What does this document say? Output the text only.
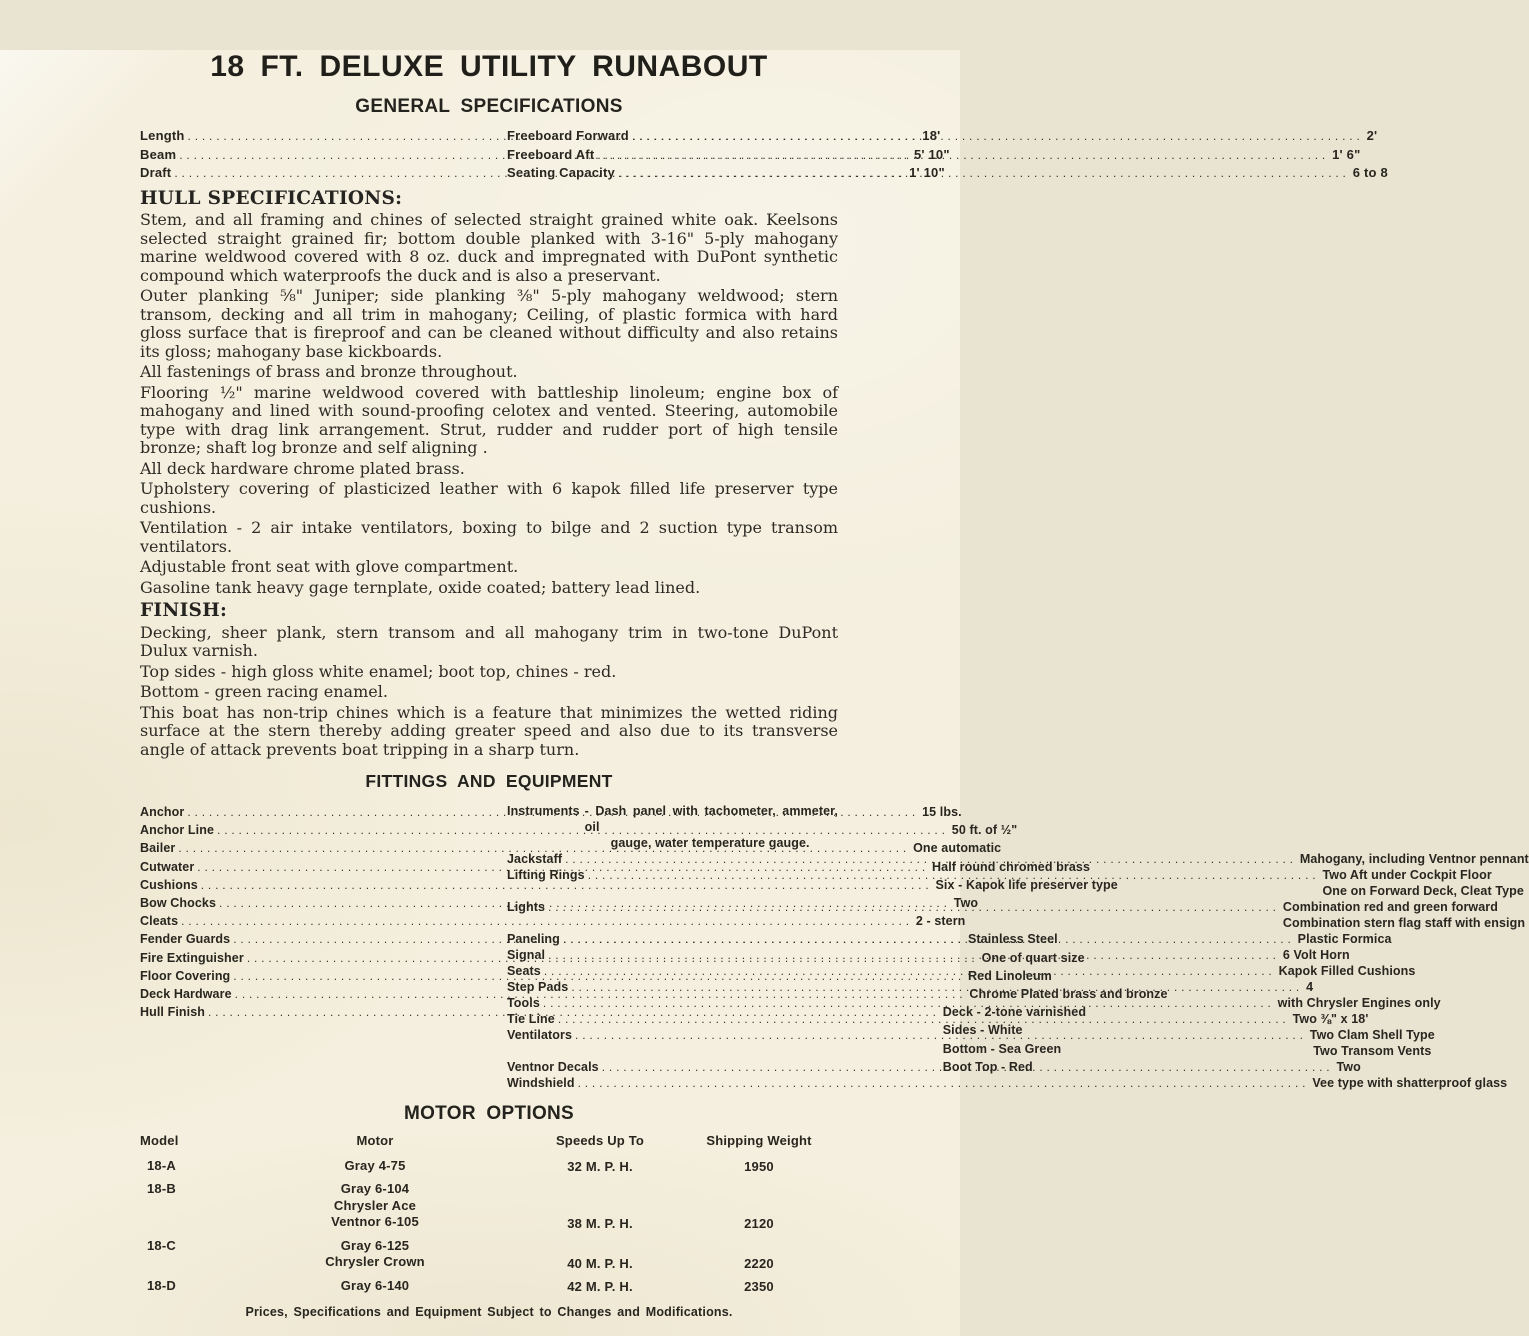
18 FT. DELUXE UTILITY RUNABOUT
GENERAL SPECIFICATIONS
Length .....	18'
Beam .....	5' 10"
Draft .....	1' 10"
Freeboard Forward .....	2'
Freeboard Aft .....	1' 6"
Seating Capacity .....	6 to 8
HULL SPECIFICATIONS:

Stem, and all framing and chines of selected straight grained white oak. Keelsons selected straight grained fir; bottom double planked with 3-16" 5-ply mahogany marine weldwood covered with 8 oz. duck and impregnated with DuPont synthetic compound which waterproofs the duck and is also a preservant.

Outer planking ⅝" Juniper; side planking ⅜" 5-ply mahogany weldwood; stern transom, decking and all trim in mahogany; Ceiling, of plastic formica with hard gloss surface that is fireproof and can be cleaned without difficulty and also retains its gloss; mahogany base kickboards.

All fastenings of brass and bronze throughout.

Flooring ½" marine weldwood covered with battleship linoleum; engine box of mahogany and lined with sound-proofing celotex and vented. Steering, automobile type with drag link arrangement. Strut, rudder and rudder port of high tensile bronze; shaft log bronze and self aligning .

All deck hardware chrome plated brass.

Upholstery covering of plasticized leather with 6 kapok filled life preserver type cushions.

Ventilation - 2 air intake ventilators, boxing to bilge and 2 suction type transom ventilators.

Adjustable front seat with glove compartment.

Gasoline tank heavy gage ternplate, oxide coated; battery lead lined.

FINISH:

Decking, sheer plank, stern transom and all mahogany trim in two-tone DuPont Dulux varnish.

Top sides - high gloss white enamel; boot top, chines - red.

Bottom - green racing enamel.

This boat has non-trip chines which is a feature that minimizes the wetted riding surface at the stern thereby adding greater speed and also due to its transverse angle of attack prevents boat tripping in a sharp turn.

FITTINGS AND EQUIPMENT
Anchor .....	15 lbs.
Anchor Line .....	50 ft. of ½"
Bailer .....	One automatic
Cutwater .....	Half round chromed brass
Cushions .....	Six - Kapok life preserver type
Bow Chocks .....	Two
Cleats .....	2 - stern
Fender Guards .....	Stainless Steel
Fire Extinguisher .....	One of quart size
Floor Covering .....	Red Linoleum
Deck Hardware .....	Chrome Plated brass and bronze
Hull Finish .....	Deck - 2-tone varnished
Sides - White
Bottom - Sea Green
Boot Top - Red
Instruments - Dash panel with tachometer, ammeter, oil
gauge, water temperature gauge.
Jackstaff .....	Mahogany, including Ventnor pennant
Lifting Rings .....	Two Aft under Cockpit Floor
One on Forward Deck, Cleat Type
Lights .....	Combination red and green forward
Combination stern flag staff with ensign
Paneling .....	Plastic Formica
Signal .....	6 Volt Horn
Seats .....	Kapok Filled Cushions
Step Pads .....	4
Tools .....	with Chrysler Engines only
Tie Line .....	Two ⅜" x 18'
Ventilators .....	Two Clam Shell Type
Two Transom Vents
Ventnor Decals .....	Two
Windshield .....	Vee type with shatterproof glass
MOTOR OPTIONS
Model	Motor	Speeds Up To	Shipping Weight
18-A	Gray 4-75	32 M. P. H.	1950
18-B	Gray 6-104
Chrysler Ace
Ventnor 6-105	38 M. P. H.	2120
18-C	Gray 6-125
Chrysler Crown	40 M. P. H.	2220
18-D	Gray 6-140	42 M. P. H.	2350
Prices, Specifications and Equipment Subject to Changes and Modifications.
